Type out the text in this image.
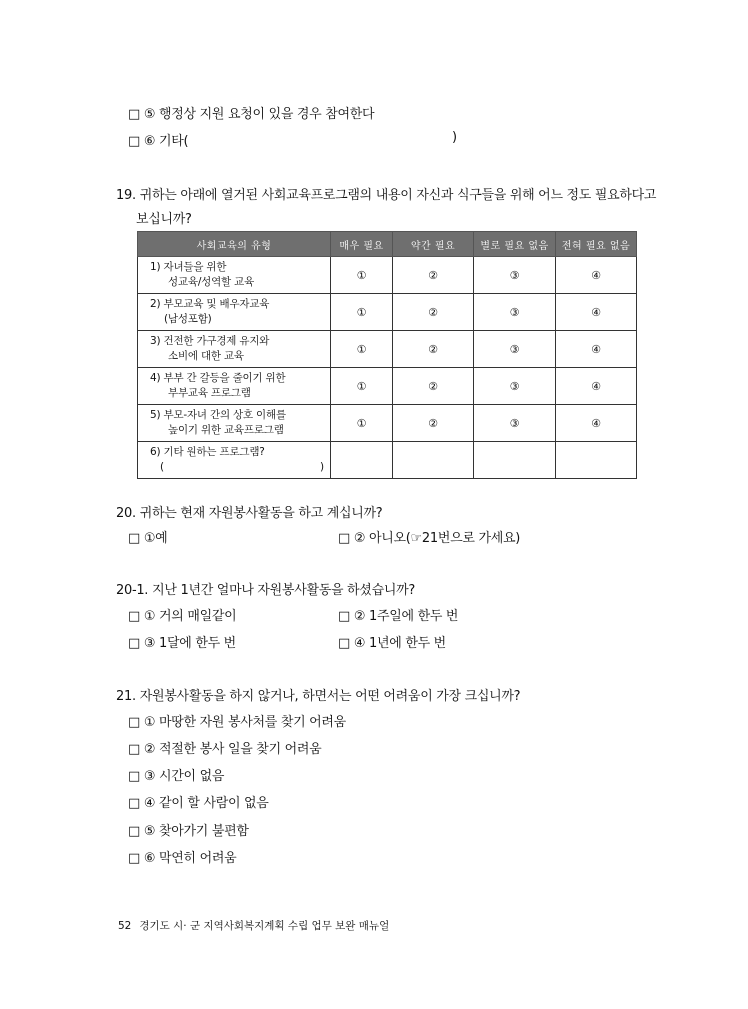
□ ⑤ 행정상 지원 요청이 있을 경우 참여한다
□ ⑥ 기타(	)
19. 귀하는 아래에 열거된 사회교육프로그램의 내용이 자신과 식구들을 위해 어느 정도 필요하다고
보십니까?
사회교육의 유형	매우 필요	약간 필요	별로 필요 없음	전혀 필요 없음
1) 자녀들을 위한
성교육/성역할 교육	①	②	③	④
2) 부모교육 및 배우자교육
(남성포함)	①	②	③	④
3) 건전한 가구경제 유지와
소비에 대한 교육	①	②	③	④
4) 부부 간 갈등을 줄이기 위한
부부교육 프로그램	①	②	③	④
5) 부모-자녀 간의 상호 이해를
높이기 위한 교육프로그램	①	②	③	④
6) 기타 원하는 프로그램?
( )				

20. 귀하는 현재 자원봉사활동을 하고 계십니까?
□ ①예	□ ② 아니오(☞21번으로 가세요)
20-1. 지난 1년간 얼마나 자원봉사활동을 하셨습니까?
□ ① 거의 매일같이	□ ② 1주일에 한두 번
□ ③ 1달에 한두 번	□ ④ 1년에 한두 번
21. 자원봉사활동을 하지 않거나, 하면서는 어떤 어려움이 가장 크십니까?
□ ① 마땅한 자원 봉사처를 찾기 어려움
□ ② 적절한 봉사 일을 찾기 어려움
□ ③ 시간이 없음
□ ④ 같이 할 사람이 없음
□ ⑤ 찾아가기 불편함
□ ⑥ 막연히 어려움
52 경기도 시· 군 지역사회복지계획 수립 업무 보완 매뉴얼
